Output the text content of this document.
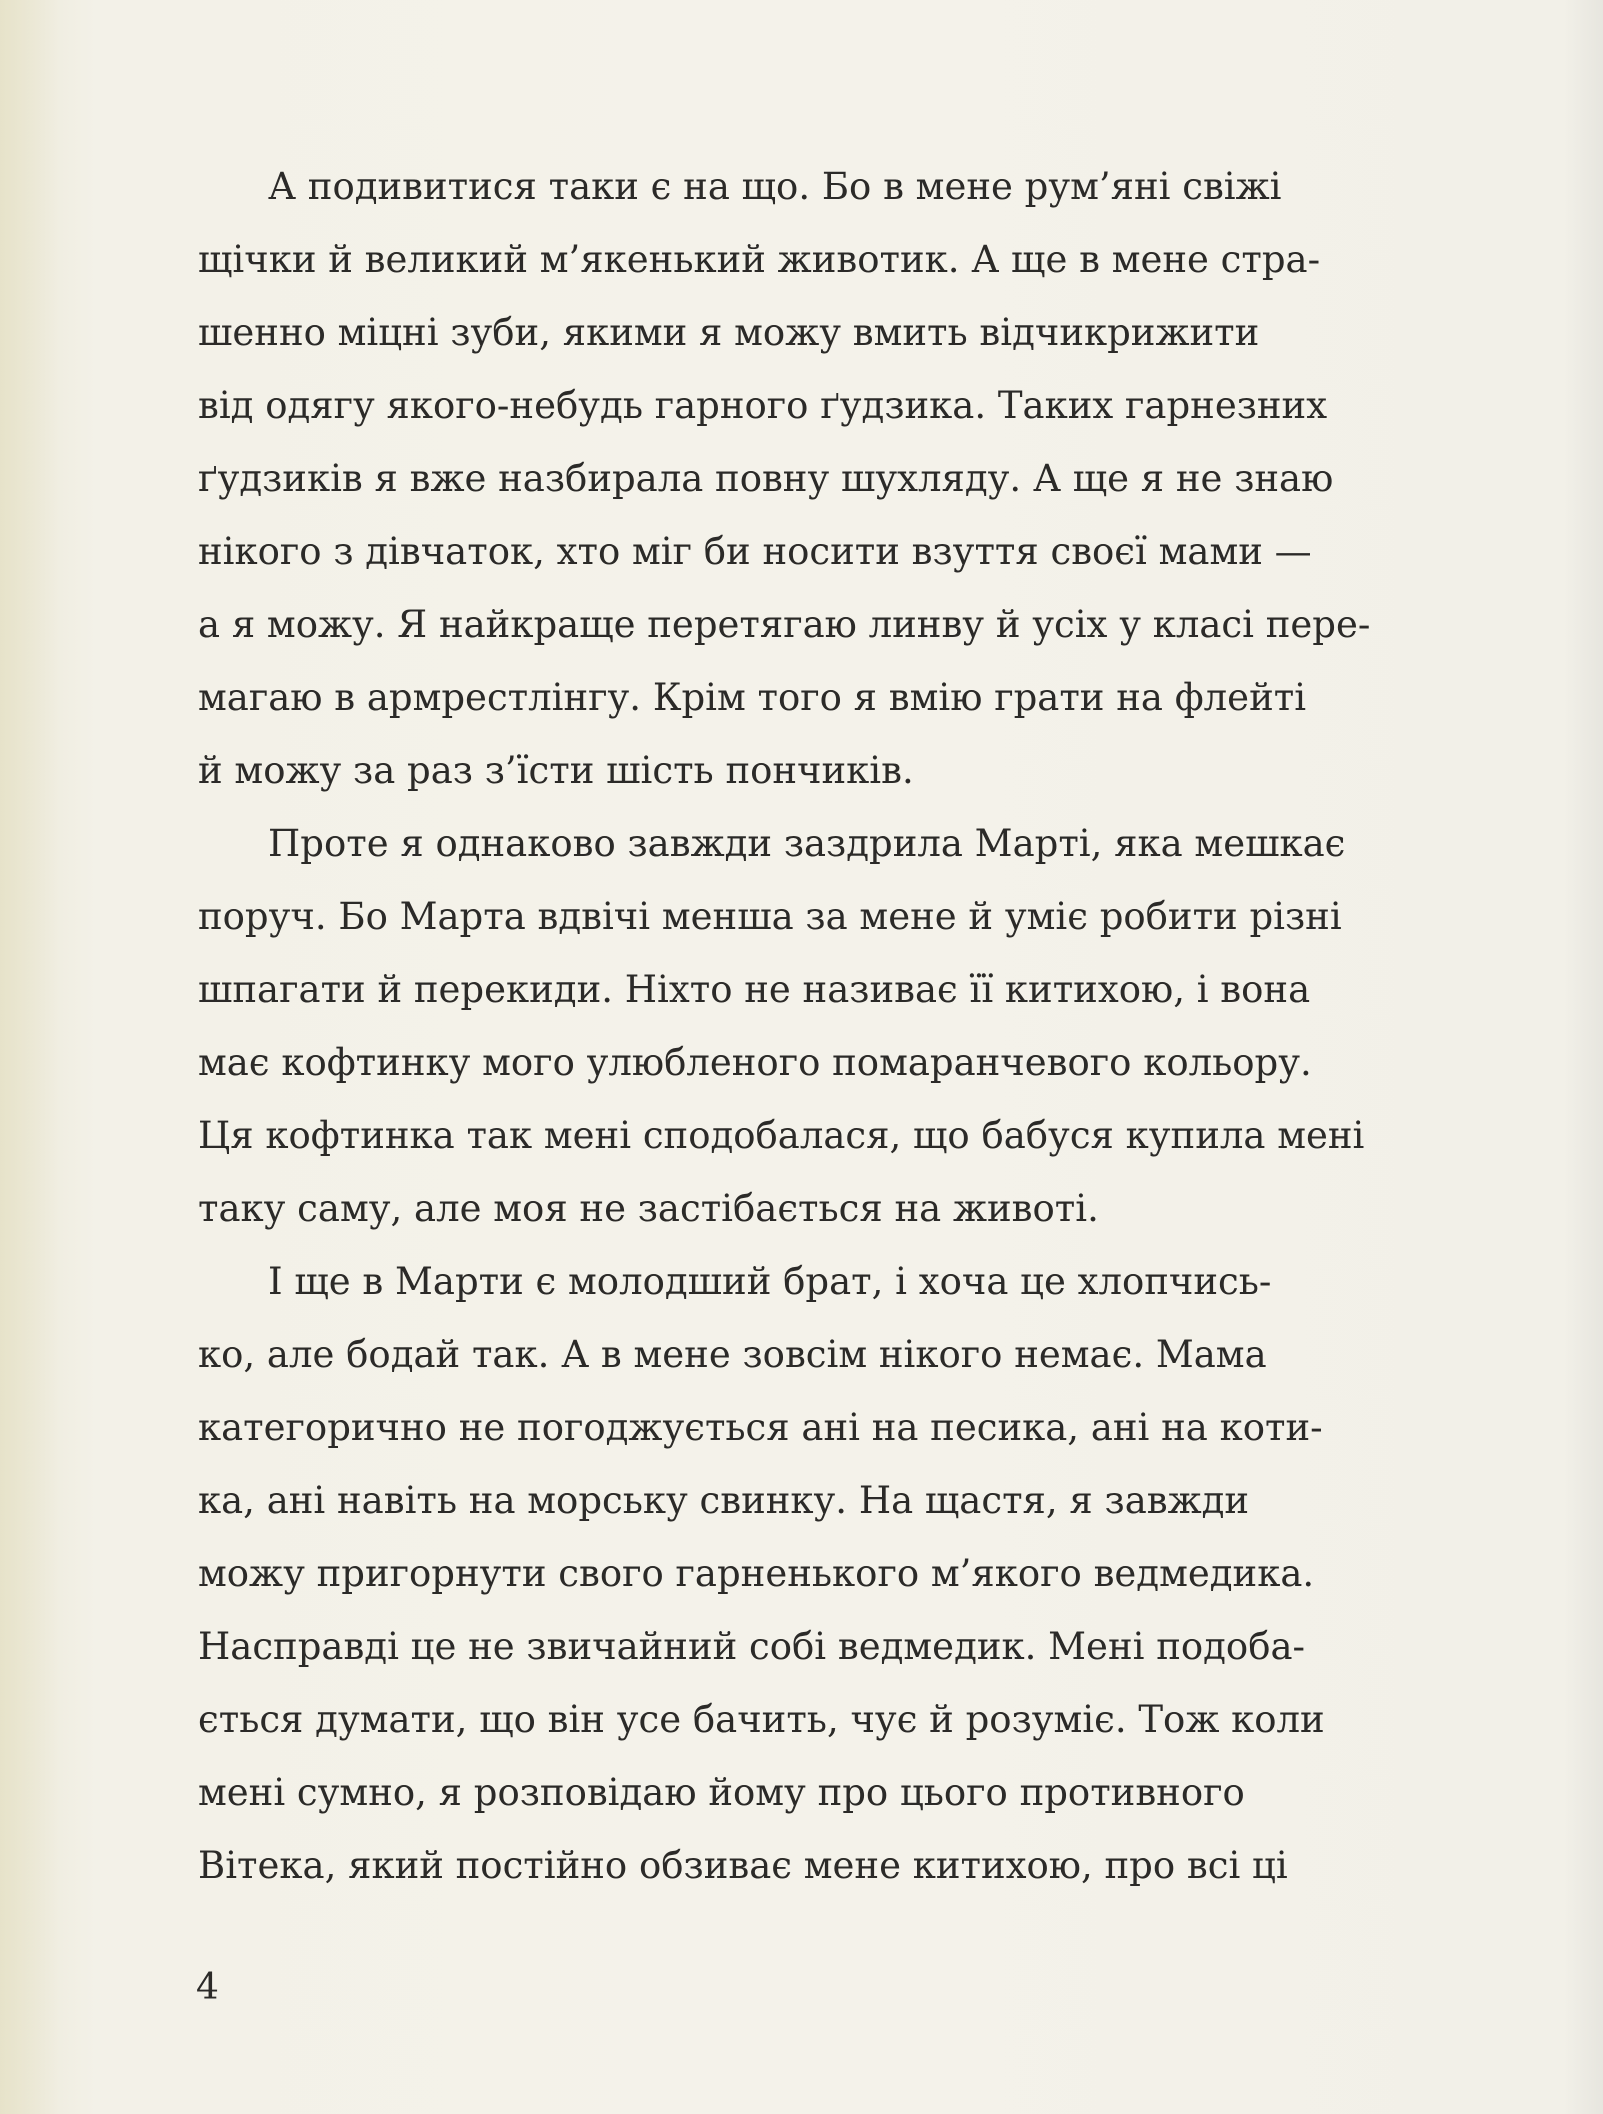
А подивитися таки є на що. Бо в мене рум’яні свіжі
щічки й великий м’якенький животик. А ще в мене стра-
шенно міцні зуби, якими я можу вмить відчикрижити
від одягу якого-небудь гарного ґудзика. Таких гарнезних
ґудзиків я вже назбирала повну шухляду. А ще я не знаю
нікого з дівчаток, хто міг би носити взуття своєї мами —
а я можу. Я найкраще перетягаю линву й усіх у класі пере-
магаю в армрестлінгу. Крім того я вмію грати на флейті
й можу за раз з’їсти шість пончиків.
Проте я однаково завжди заздрила Марті, яка мешкає
поруч. Бо Марта вдвічі менша за мене й уміє робити різні
шпагати й перекиди. Ніхто не називає її китихою, і вона
має кофтинку мого улюбленого помаранчевого кольору.
Ця кофтинка так мені сподобалася, що бабуся купила мені
таку саму, але моя не застібається на животі.
І ще в Марти є молодший брат, і хоча це хлопчись-
ко, але бодай так. А в мене зовсім нікого немає. Мама
категорично не погоджується ані на песика, ані на коти-
ка, ані навіть на морську свинку. На щастя, я завжди
можу пригорнути свого гарненького м’якого ведмедика.
Насправді це не звичайний собі ведмедик. Мені подоба-
ється думати, що він усе бачить, чує й розуміє. Тож коли
мені сумно, я розповідаю йому про цього противного
Вітека, який постійно обзиває мене китихою, про всі ці
4
